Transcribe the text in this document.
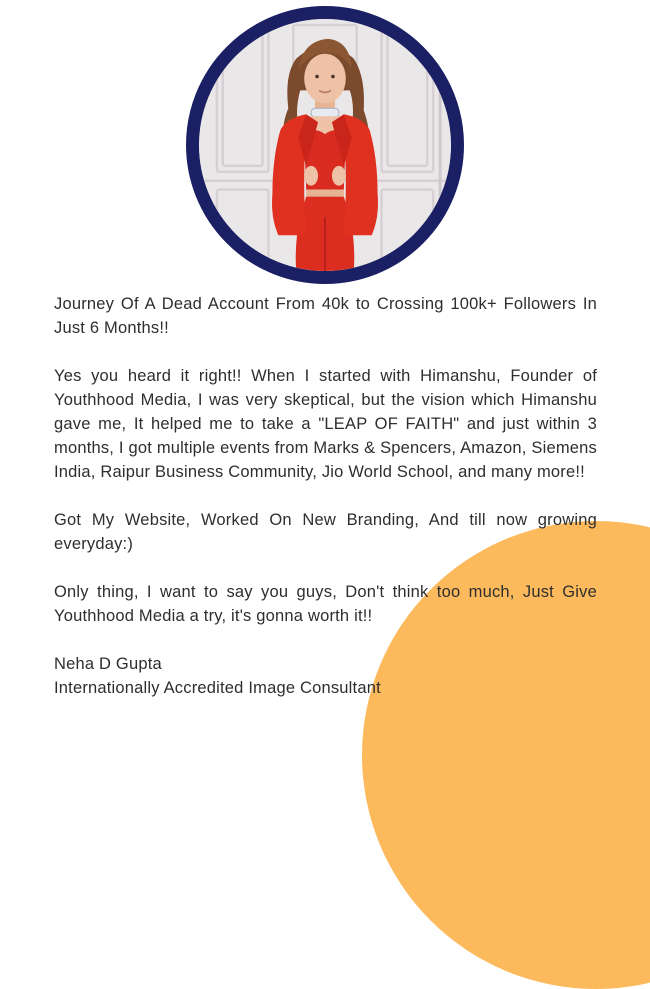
Journey Of A Dead Account From 40k to Crossing 100k+ Followers In Just 6 Months!!

Yes you heard it right!! When I started with Himanshu, Founder of Youthhood Media, I was very skeptical, but the vision which Himanshu gave me, It helped me to take a "LEAP OF FAITH" and just within 3 months, I got multiple events from Marks & Spencers, Amazon, Siemens India, Raipur Business Community, Jio World School, and many more!!

Got My Website, Worked On New Branding, And till now growing everyday:)

Only thing, I want to say you guys, Don't think too much, Just Give Youthhood Media a try, it's gonna worth it!!

Neha D Gupta
Internationally Accredited Image Consultant
